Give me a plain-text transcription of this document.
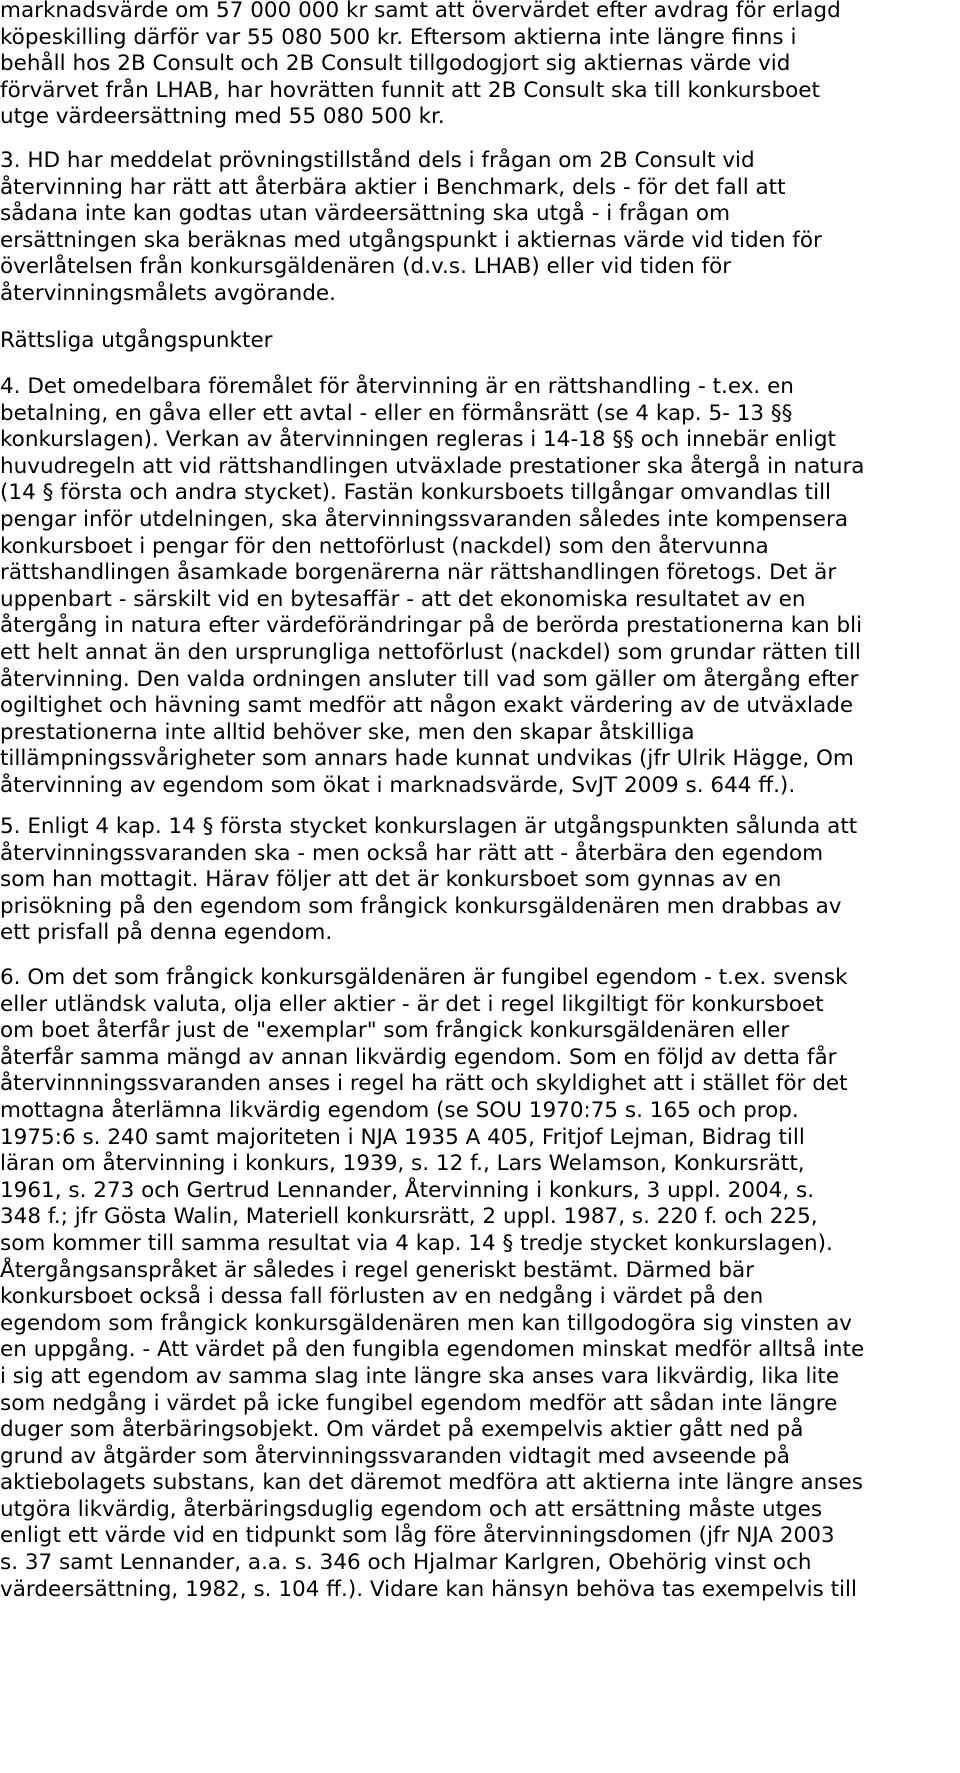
marknadsvärde om 57 000 000 kr samt att övervärdet efter avdrag för erlagd
köpeskilling därför var 55 080 500 kr. Eftersom aktierna inte längre finns i
behåll hos 2B Consult och 2B Consult tillgodogjort sig aktiernas värde vid
förvärvet från LHAB, har hovrätten funnit att 2B Consult ska till konkursboet
utge värdeersättning med 55 080 500 kr.
3. HD har meddelat prövningstillstånd dels i frågan om 2B Consult vid
återvinning har rätt att återbära aktier i Benchmark, dels - för det fall att
sådana inte kan godtas utan värdeersättning ska utgå - i frågan om
ersättningen ska beräknas med utgångspunkt i aktiernas värde vid tiden för
överlåtelsen från konkursgäldenären (d.v.s. LHAB) eller vid tiden för
återvinningsmålets avgörande.
Rättsliga utgångspunkter
4. Det omedelbara föremålet för återvinning är en rättshandling - t.ex. en
betalning, en gåva eller ett avtal - eller en förmånsrätt (se 4 kap. 5- 13 §§
konkurslagen). Verkan av återvinningen regleras i 14-18 §§ och innebär enligt
huvudregeln att vid rättshandlingen utväxlade prestationer ska återgå in natura
(14 § första och andra stycket). Fastän konkursboets tillgångar omvandlas till
pengar inför utdelningen, ska återvinningssvaranden således inte kompensera
konkursboet i pengar för den nettoförlust (nackdel) som den återvunna
rättshandlingen åsamkade borgenärerna när rättshandlingen företogs. Det är
uppenbart - särskilt vid en bytesaffär - att det ekonomiska resultatet av en
återgång in natura efter värdeförändringar på de berörda prestationerna kan bli
ett helt annat än den ursprungliga nettoförlust (nackdel) som grundar rätten till
återvinning. Den valda ordningen ansluter till vad som gäller om återgång efter
ogiltighet och hävning samt medför att någon exakt värdering av de utväxlade
prestationerna inte alltid behöver ske, men den skapar åtskilliga
tillämpningssvårigheter som annars hade kunnat undvikas (jfr Ulrik Hägge, Om
återvinning av egendom som ökat i marknadsvärde, SvJT 2009 s. 644 ff.).
5. Enligt 4 kap. 14 § första stycket konkurslagen är utgångspunkten sålunda att
återvinningssvaranden ska - men också har rätt att - återbära den egendom
som han mottagit. Härav följer att det är konkursboet som gynnas av en
prisökning på den egendom som frångick konkursgäldenären men drabbas av
ett prisfall på denna egendom.
6. Om det som frångick konkursgäldenären är fungibel egendom - t.ex. svensk
eller utländsk valuta, olja eller aktier - är det i regel likgiltigt för konkursboet
om boet återfår just de "exemplar" som frångick konkursgäldenären eller
återfår samma mängd av annan likvärdig egendom. Som en följd av detta får
återvinnningssvaranden anses i regel ha rätt och skyldighet att i stället för det
mottagna återlämna likvärdig egendom (se SOU 1970:75 s. 165 och prop.
1975:6 s. 240 samt majoriteten i NJA 1935 A 405, Fritjof Lejman, Bidrag till
läran om återvinning i konkurs, 1939, s. 12 f., Lars Welamson, Konkursrätt,
1961, s. 273 och Gertrud Lennander, Återvinning i konkurs, 3 uppl. 2004, s.
348 f.; jfr Gösta Walin, Materiell konkursrätt, 2 uppl. 1987, s. 220 f. och 225,
som kommer till samma resultat via 4 kap. 14 § tredje stycket konkurslagen).
Återgångsanspråket är således i regel generiskt bestämt. Därmed bär
konkursboet också i dessa fall förlusten av en nedgång i värdet på den
egendom som frångick konkursgäldenären men kan tillgodogöra sig vinsten av
en uppgång. - Att värdet på den fungibla egendomen minskat medför alltså inte
i sig att egendom av samma slag inte längre ska anses vara likvärdig, lika lite
som nedgång i värdet på icke fungibel egendom medför att sådan inte längre
duger som återbäringsobjekt. Om värdet på exempelvis aktier gått ned på
grund av åtgärder som återvinningssvaranden vidtagit med avseende på
aktiebolagets substans, kan det däremot medföra att aktierna inte längre anses
utgöra likvärdig, återbäringsduglig egendom och att ersättning måste utges
enligt ett värde vid en tidpunkt som låg före återvinningsdomen (jfr NJA 2003
s. 37 samt Lennander, a.a. s. 346 och Hjalmar Karlgren, Obehörig vinst och
värdeersättning, 1982, s. 104 ff.). Vidare kan hänsyn behöva tas exempelvis till
